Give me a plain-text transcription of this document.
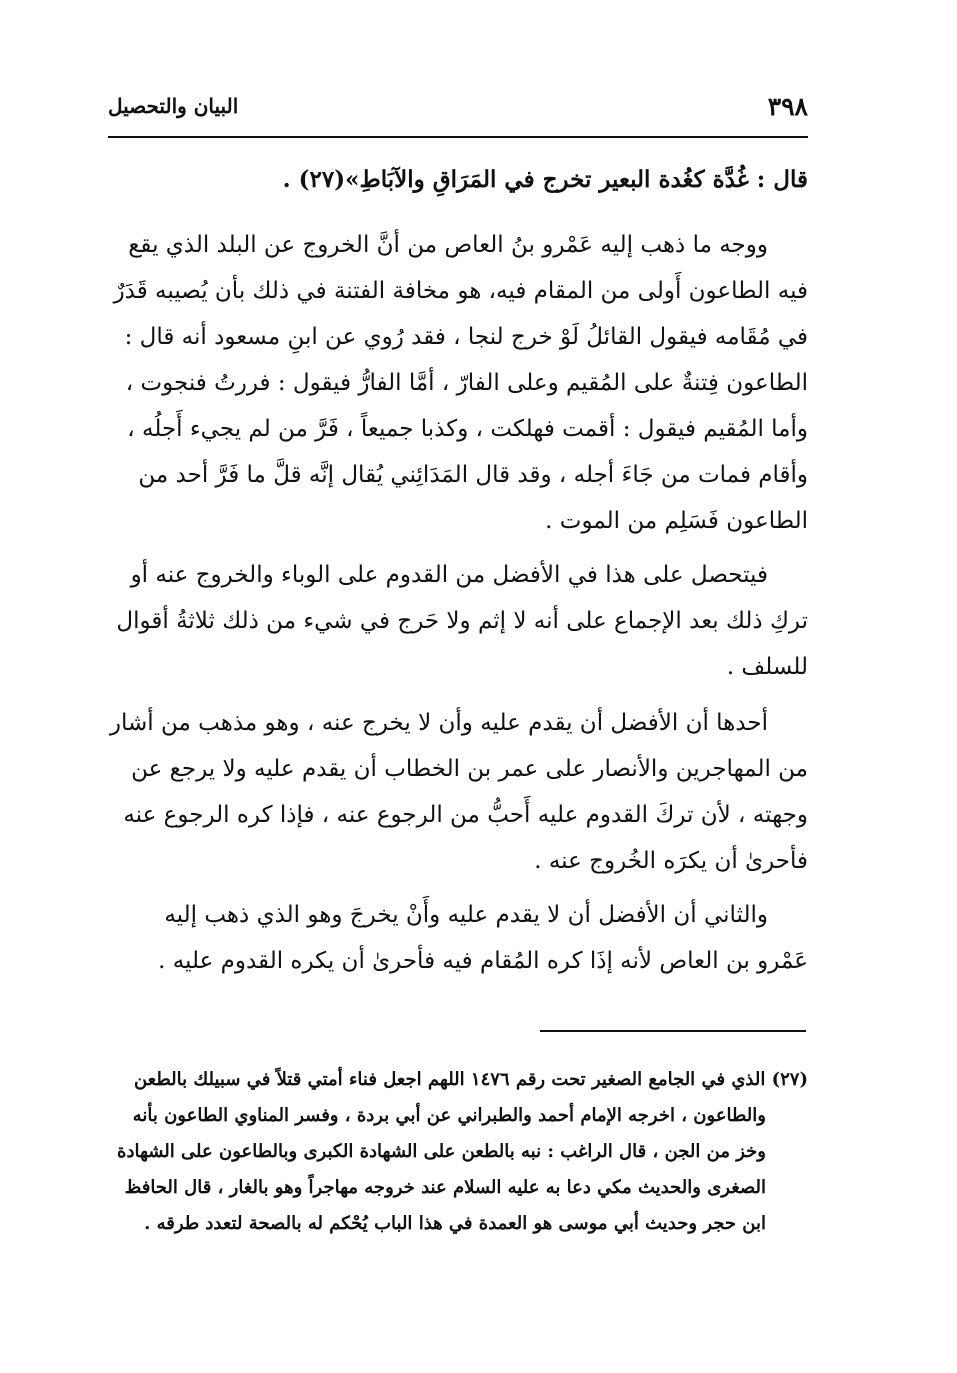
٣٩٨
البيان والتحصيل

قال : غُدَّة كغُدة البعير تخرج في المَرَاقِ والآبَاطِ»(٢٧) .

ووجه ما ذهب إليه عَمْرو بنُ العاص من أنَّ الخروج عن البلد الذي يقع فيه الطاعون أَولى من المقام فيه، هو مخافة الفتنة في ذلك بأن يُصيبه قَدَرٌ في مُقَامه فيقول القائلُ لَوْ خرج لنجا ، فقد رُوي عن ابنِ مسعود أنه قال : الطاعون فِتنةٌ على المُقيم وعلى الفارّ ، أمَّا الفارُّ فيقول : فررتُ فنجوت ، وأما المُقيم فيقول : أقمت فهلكت ، وكذبا جميعاً ، فَرَّ من لم يجيء أَجلُه ، وأقام فمات من جَاءَ أجله ، وقد قال المَدَائِني يُقال إنَّه قلَّ ما فَرَّ أحد من الطاعون فَسَلِم من الموت .

فيتحصل على هذا في الأفضل من القدوم على الوباء والخروج عنه أو تركِ ذلك بعد الإجماع على أنه لا إثم ولا حَرج في شيء من ذلك ثلاثةُ أقوال للسلف .

أحدها أن الأفضل أن يقدم عليه وأن لا يخرج عنه ، وهو مذهب من أشار من المهاجرين والأنصار على عمر بن الخطاب أن يقدم عليه ولا يرجع عن وجهته ، لأن تركَ القدوم عليه أَحبُّ من الرجوع عنه ، فإذا كره الرجوع عنه فأحرىٰ أن يكرَه الخُروج عنه .

والثاني أن الأفضل أن لا يقدم عليه وأَنْ يخرجَ وهو الذي ذهب إليه عَمْرو بن العاص لأنه إذَا كره المُقام فيه فأحرىٰ أن يكره القدوم عليه .

(٢٧) الذي في الجامع الصغير تحت رقم ١٤٧٦ اللهم اجعل فناء أمتي قتلاً في سبيلك بالطعن والطاعون ، اخرجه الإمام أحمد والطبراني عن أبي بردة ، وفسر المناوي الطاعون بأنه وخز من الجن ، قال الراغب : نبه بالطعن على الشهادة الكبرى وبالطاعون على الشهادة الصغرى والحديث مكي دعا به عليه السلام عند خروجه مهاجراً وهو بالغار ، قال الحافظ ابن حجر وحديث أبي موسى هو العمدة في هذا الباب يُحْكم له بالصحة لتعدد طرقه .
